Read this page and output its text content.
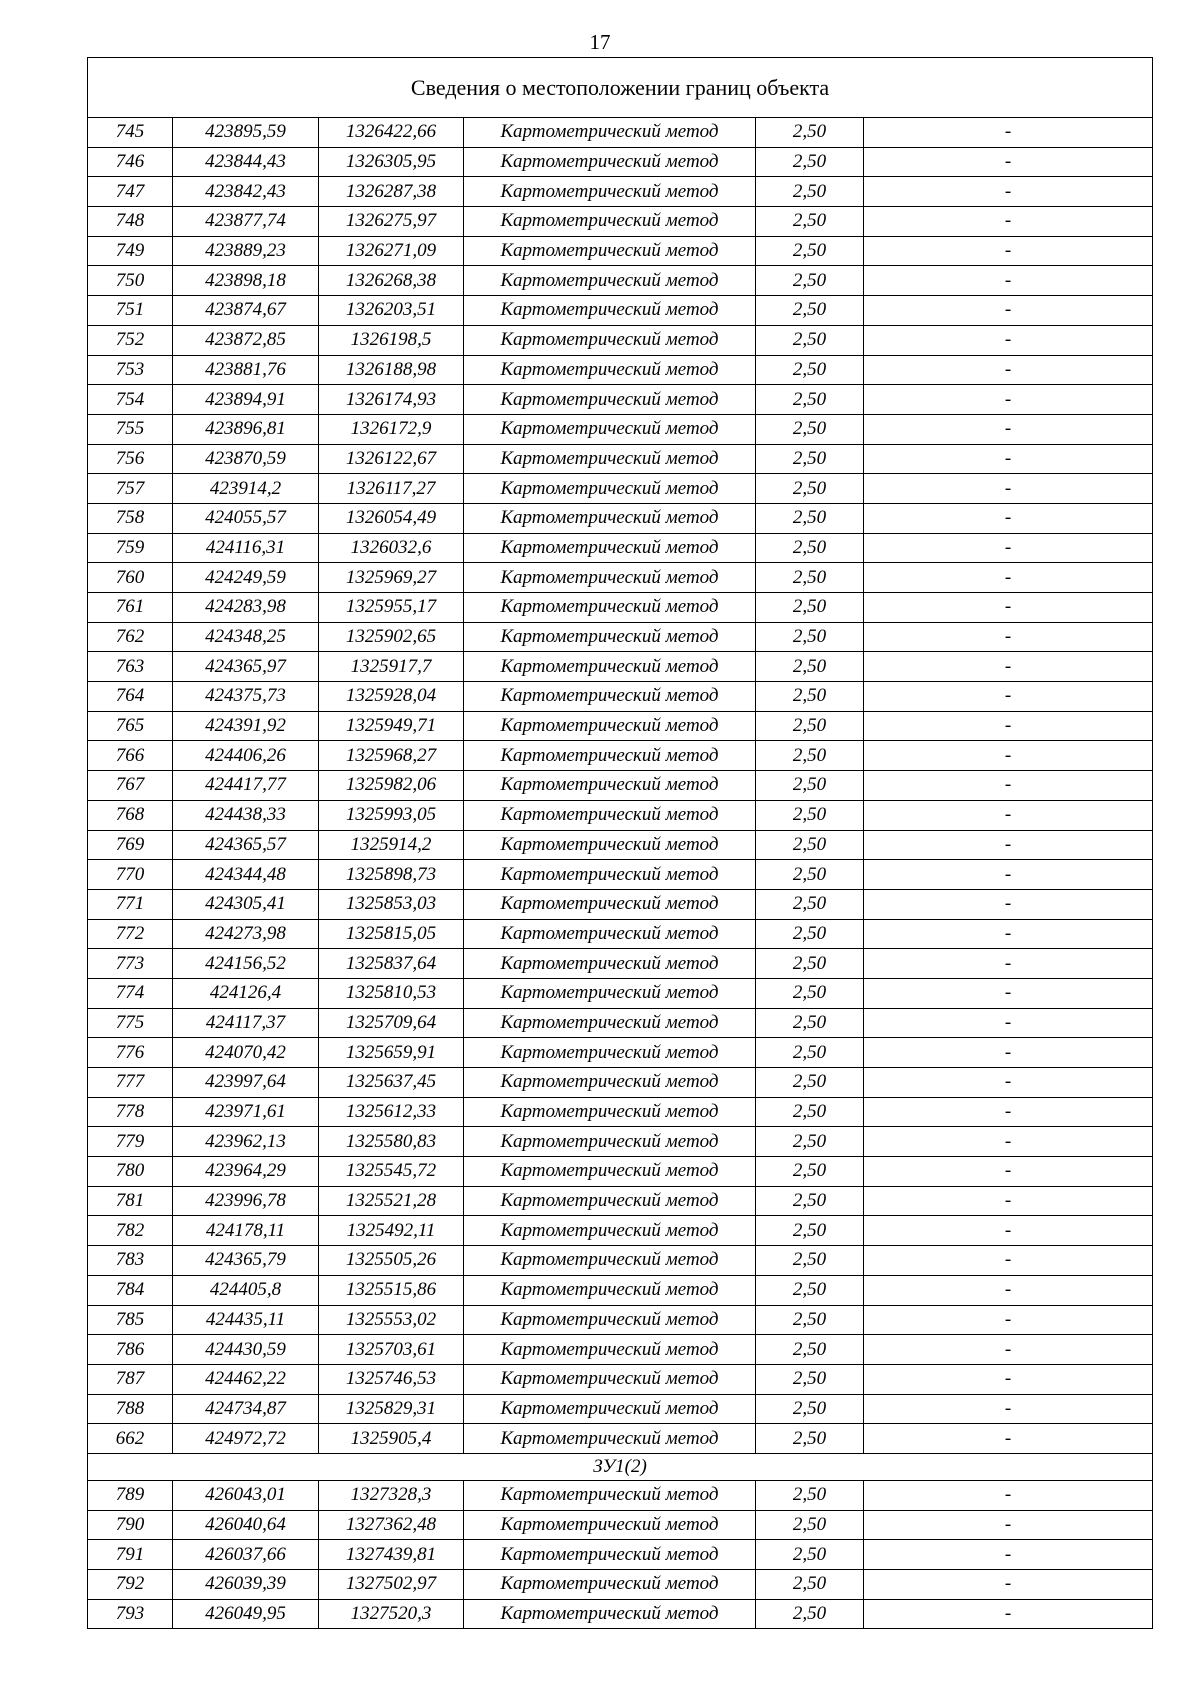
17
Сведения о местоположении границ объекта					
745	423895,59	1326422,66	Картометрический метод	2,50	-
746	423844,43	1326305,95	Картометрический метод	2,50	-
747	423842,43	1326287,38	Картометрический метод	2,50	-
748	423877,74	1326275,97	Картометрический метод	2,50	-
749	423889,23	1326271,09	Картометрический метод	2,50	-
750	423898,18	1326268,38	Картометрический метод	2,50	-
751	423874,67	1326203,51	Картометрический метод	2,50	-
752	423872,85	1326198,5	Картометрический метод	2,50	-
753	423881,76	1326188,98	Картометрический метод	2,50	-
754	423894,91	1326174,93	Картометрический метод	2,50	-
755	423896,81	1326172,9	Картометрический метод	2,50	-
756	423870,59	1326122,67	Картометрический метод	2,50	-
757	423914,2	1326117,27	Картометрический метод	2,50	-
758	424055,57	1326054,49	Картометрический метод	2,50	-
759	424116,31	1326032,6	Картометрический метод	2,50	-
760	424249,59	1325969,27	Картометрический метод	2,50	-
761	424283,98	1325955,17	Картометрический метод	2,50	-
762	424348,25	1325902,65	Картометрический метод	2,50	-
763	424365,97	1325917,7	Картометрический метод	2,50	-
764	424375,73	1325928,04	Картометрический метод	2,50	-
765	424391,92	1325949,71	Картометрический метод	2,50	-
766	424406,26	1325968,27	Картометрический метод	2,50	-
767	424417,77	1325982,06	Картометрический метод	2,50	-
768	424438,33	1325993,05	Картометрический метод	2,50	-
769	424365,57	1325914,2	Картометрический метод	2,50	-
770	424344,48	1325898,73	Картометрический метод	2,50	-
771	424305,41	1325853,03	Картометрический метод	2,50	-
772	424273,98	1325815,05	Картометрический метод	2,50	-
773	424156,52	1325837,64	Картометрический метод	2,50	-
774	424126,4	1325810,53	Картометрический метод	2,50	-
775	424117,37	1325709,64	Картометрический метод	2,50	-
776	424070,42	1325659,91	Картометрический метод	2,50	-
777	423997,64	1325637,45	Картометрический метод	2,50	-
778	423971,61	1325612,33	Картометрический метод	2,50	-
779	423962,13	1325580,83	Картометрический метод	2,50	-
780	423964,29	1325545,72	Картометрический метод	2,50	-
781	423996,78	1325521,28	Картометрический метод	2,50	-
782	424178,11	1325492,11	Картометрический метод	2,50	-
783	424365,79	1325505,26	Картометрический метод	2,50	-
784	424405,8	1325515,86	Картометрический метод	2,50	-
785	424435,11	1325553,02	Картометрический метод	2,50	-
786	424430,59	1325703,61	Картометрический метод	2,50	-
787	424462,22	1325746,53	Картометрический метод	2,50	-
788	424734,87	1325829,31	Картометрический метод	2,50	-
662	424972,72	1325905,4	Картометрический метод	2,50	-
ЗУ1(2)					
789	426043,01	1327328,3	Картометрический метод	2,50	-
790	426040,64	1327362,48	Картометрический метод	2,50	-
791	426037,66	1327439,81	Картометрический метод	2,50	-
792	426039,39	1327502,97	Картометрический метод	2,50	-
793	426049,95	1327520,3	Картометрический метод	2,50	-
